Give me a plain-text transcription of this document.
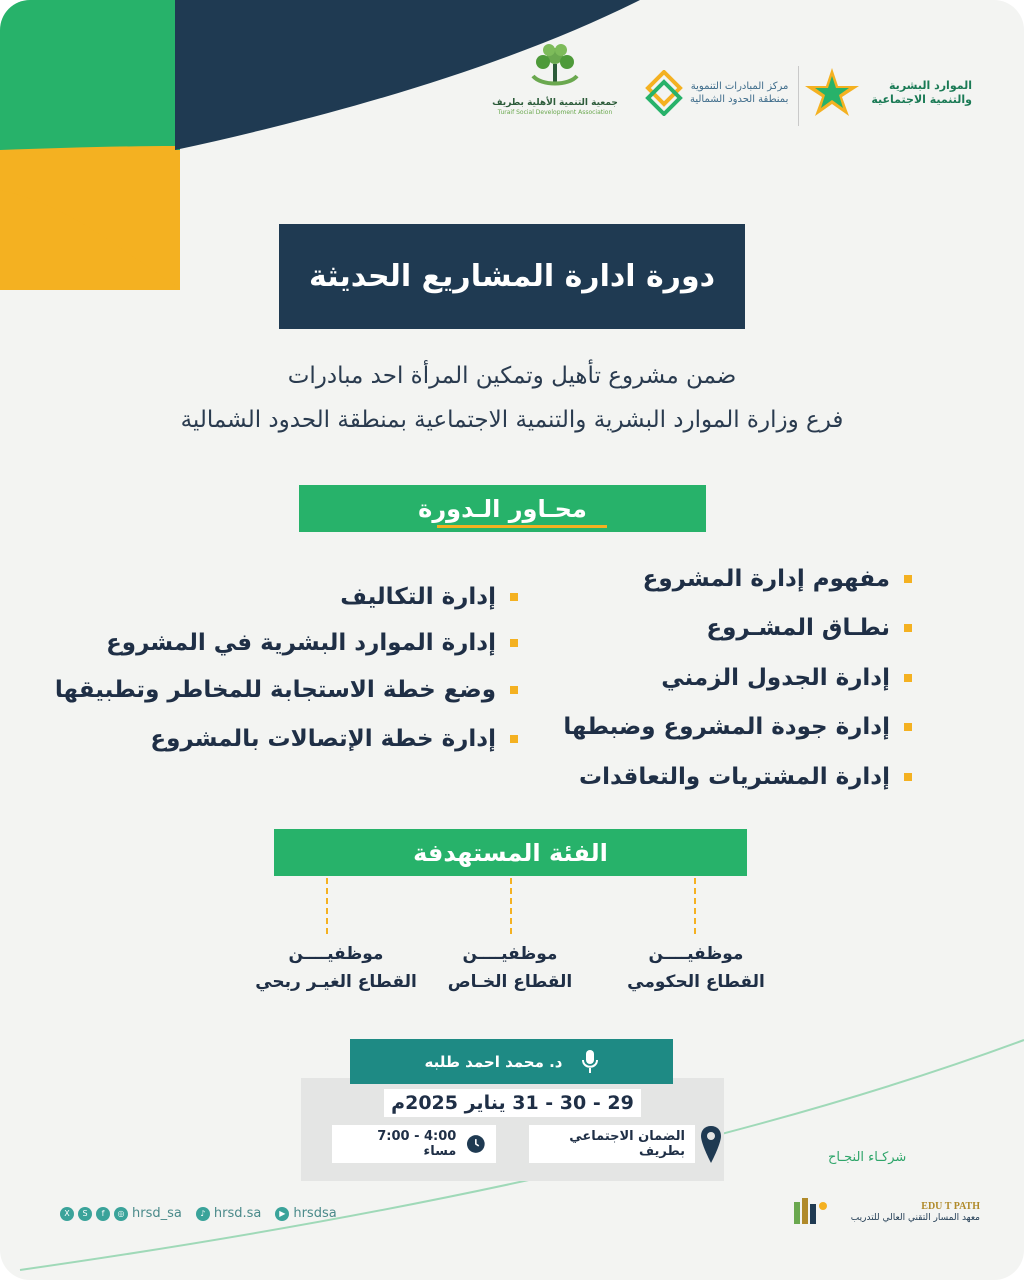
الموارد البشرية
والتنمية الاجتماعية
مركز المبادرات التنموية
بمنطقة الحدود الشمالية
جمعية التنمية الأهلية بطريف
Turaif Social Development Association
دورة ادارة المشاريع الحديثة
ضمن مشروع تأهيل وتمكين المرأة احد مبادرات
فرع وزارة الموارد البشرية والتنمية الاجتماعية بمنطقة الحدود الشمالية
محـاور الـدورة
مفهوم إدارة المشروع
نطـاق المشـروع
إدارة الجدول الزمني
إدارة جودة المشروع وضبطها
إدارة المشتريات والتعاقدات
إدارة التكاليف
إدارة الموارد البشرية في المشروع
وضع خطة الاستجابة للمخاطر وتطبيقها
إدارة خطة الإتصالات بالمشروع
الفئة المستهدفة
موظفيــــن
القطاع الحكومي
موظفيــــن
القطاع الخـاص
موظفيــــن
القطاع الغيـر ربحي
د. محمد احمد طلبه
29 - 30 - 31 يناير 2025م
4:00 - 7:00 مساء
الضمان الاجتماعي بطريف	شركـاء النجـاح
EDU T PATH
معهد المسار التقني العالي للتدريب
X	S	f	◎ hrsd_sa	♪ hrsd.sa	▶ hrsdsa
